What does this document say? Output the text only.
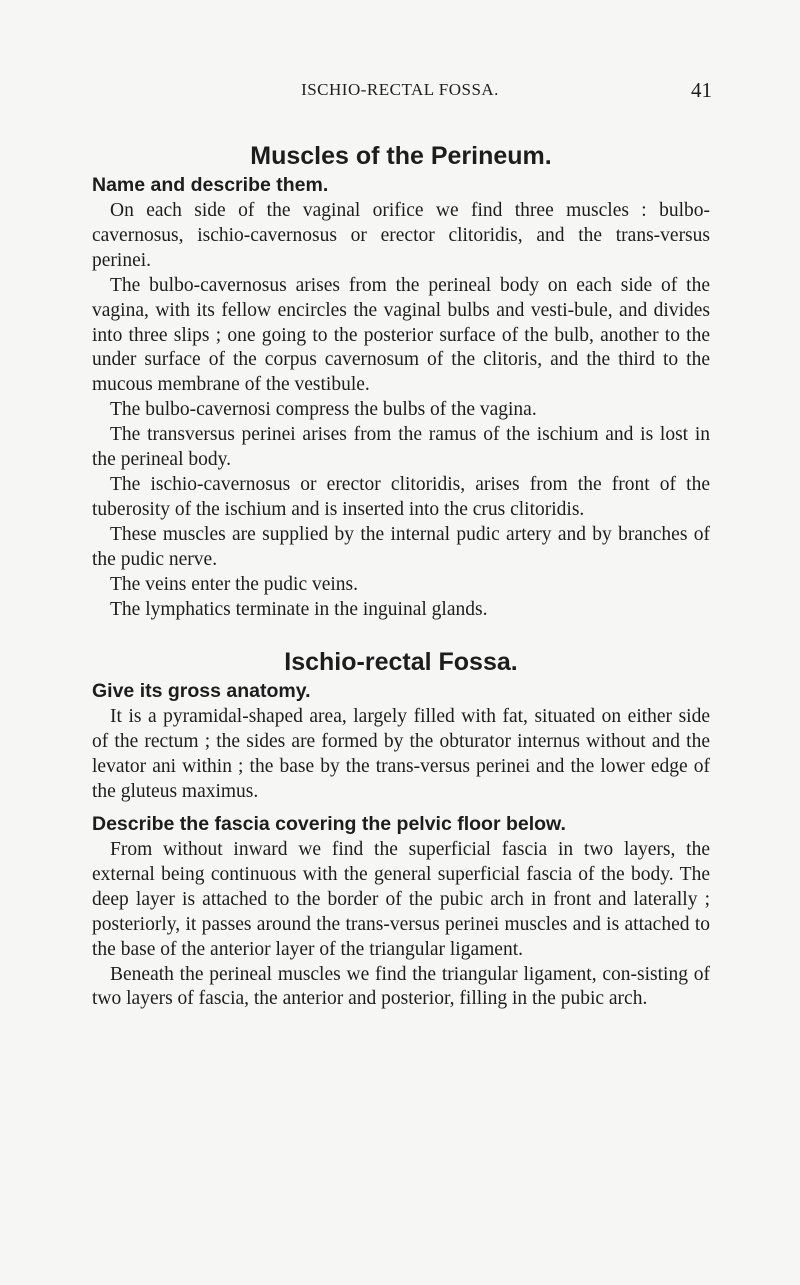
ISCHIO-RECTAL FOSSA.	41
Muscles of the Perineum.
Name and describe them.

On each side of the vaginal orifice we find three muscles : bulbo-cavernosus, ischio-cavernosus or erector clitoridis, and the trans-versus perinei.

The bulbo-cavernosus arises from the perineal body on each side of the vagina, with its fellow encircles the vaginal bulbs and vesti-bule, and divides into three slips ; one going to the posterior surface of the bulb, another to the under surface of the corpus cavernosum of the clitoris, and the third to the mucous membrane of the vestibule.

The bulbo-cavernosi compress the bulbs of the vagina.

The transversus perinei arises from the ramus of the ischium and is lost in the perineal body.

The ischio-cavernosus or erector clitoridis, arises from the front of the tuberosity of the ischium and is inserted into the crus clitoridis.

These muscles are supplied by the internal pudic artery and by branches of the pudic nerve.

The veins enter the pudic veins.

The lymphatics terminate in the inguinal glands.

Ischio-rectal Fossa.
Give its gross anatomy.

It is a pyramidal-shaped area, largely filled with fat, situated on either side of the rectum ; the sides are formed by the obturator internus without and the levator ani within ; the base by the trans-versus perinei and the lower edge of the gluteus maximus.

Describe the fascia covering the pelvic floor below.

From without inward we find the superficial fascia in two layers, the external being continuous with the general superficial fascia of the body. The deep layer is attached to the border of the pubic arch in front and laterally ; posteriorly, it passes around the trans-versus perinei muscles and is attached to the base of the anterior layer of the triangular ligament.

Beneath the perineal muscles we find the triangular ligament, con-sisting of two layers of fascia, the anterior and posterior, filling in the pubic arch.
